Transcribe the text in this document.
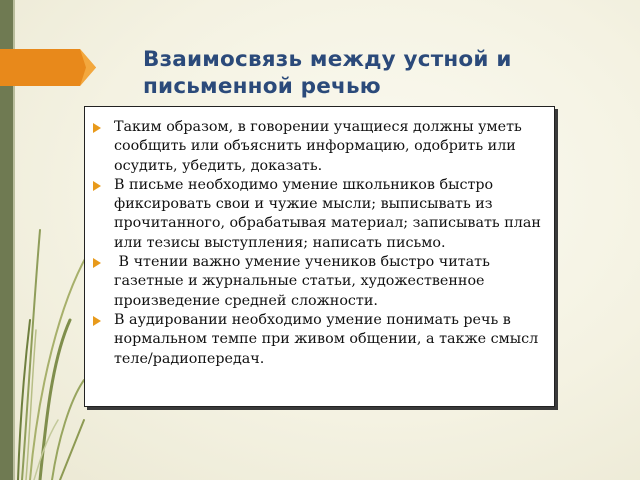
Взаимосвязь между устной и письменной речью
Таким образом, в говорении учащиеся должны уметь сообщить или объяснить информацию, одобрить или осудить, убедить, доказать.
В письме необходимо умение школьников быстро фиксировать свои и чужие мысли; выписывать из прочитанного, обрабатывая материал; записывать план или тезисы выступления; написать письмо.
В чтении важно умение учеников быстро читать газетные и журнальные статьи, художественное произведение средней сложности.
В аудировании необходимо умение понимать речь в нормальном темпе при живом общении, а также смысл теле/радиопередач.
